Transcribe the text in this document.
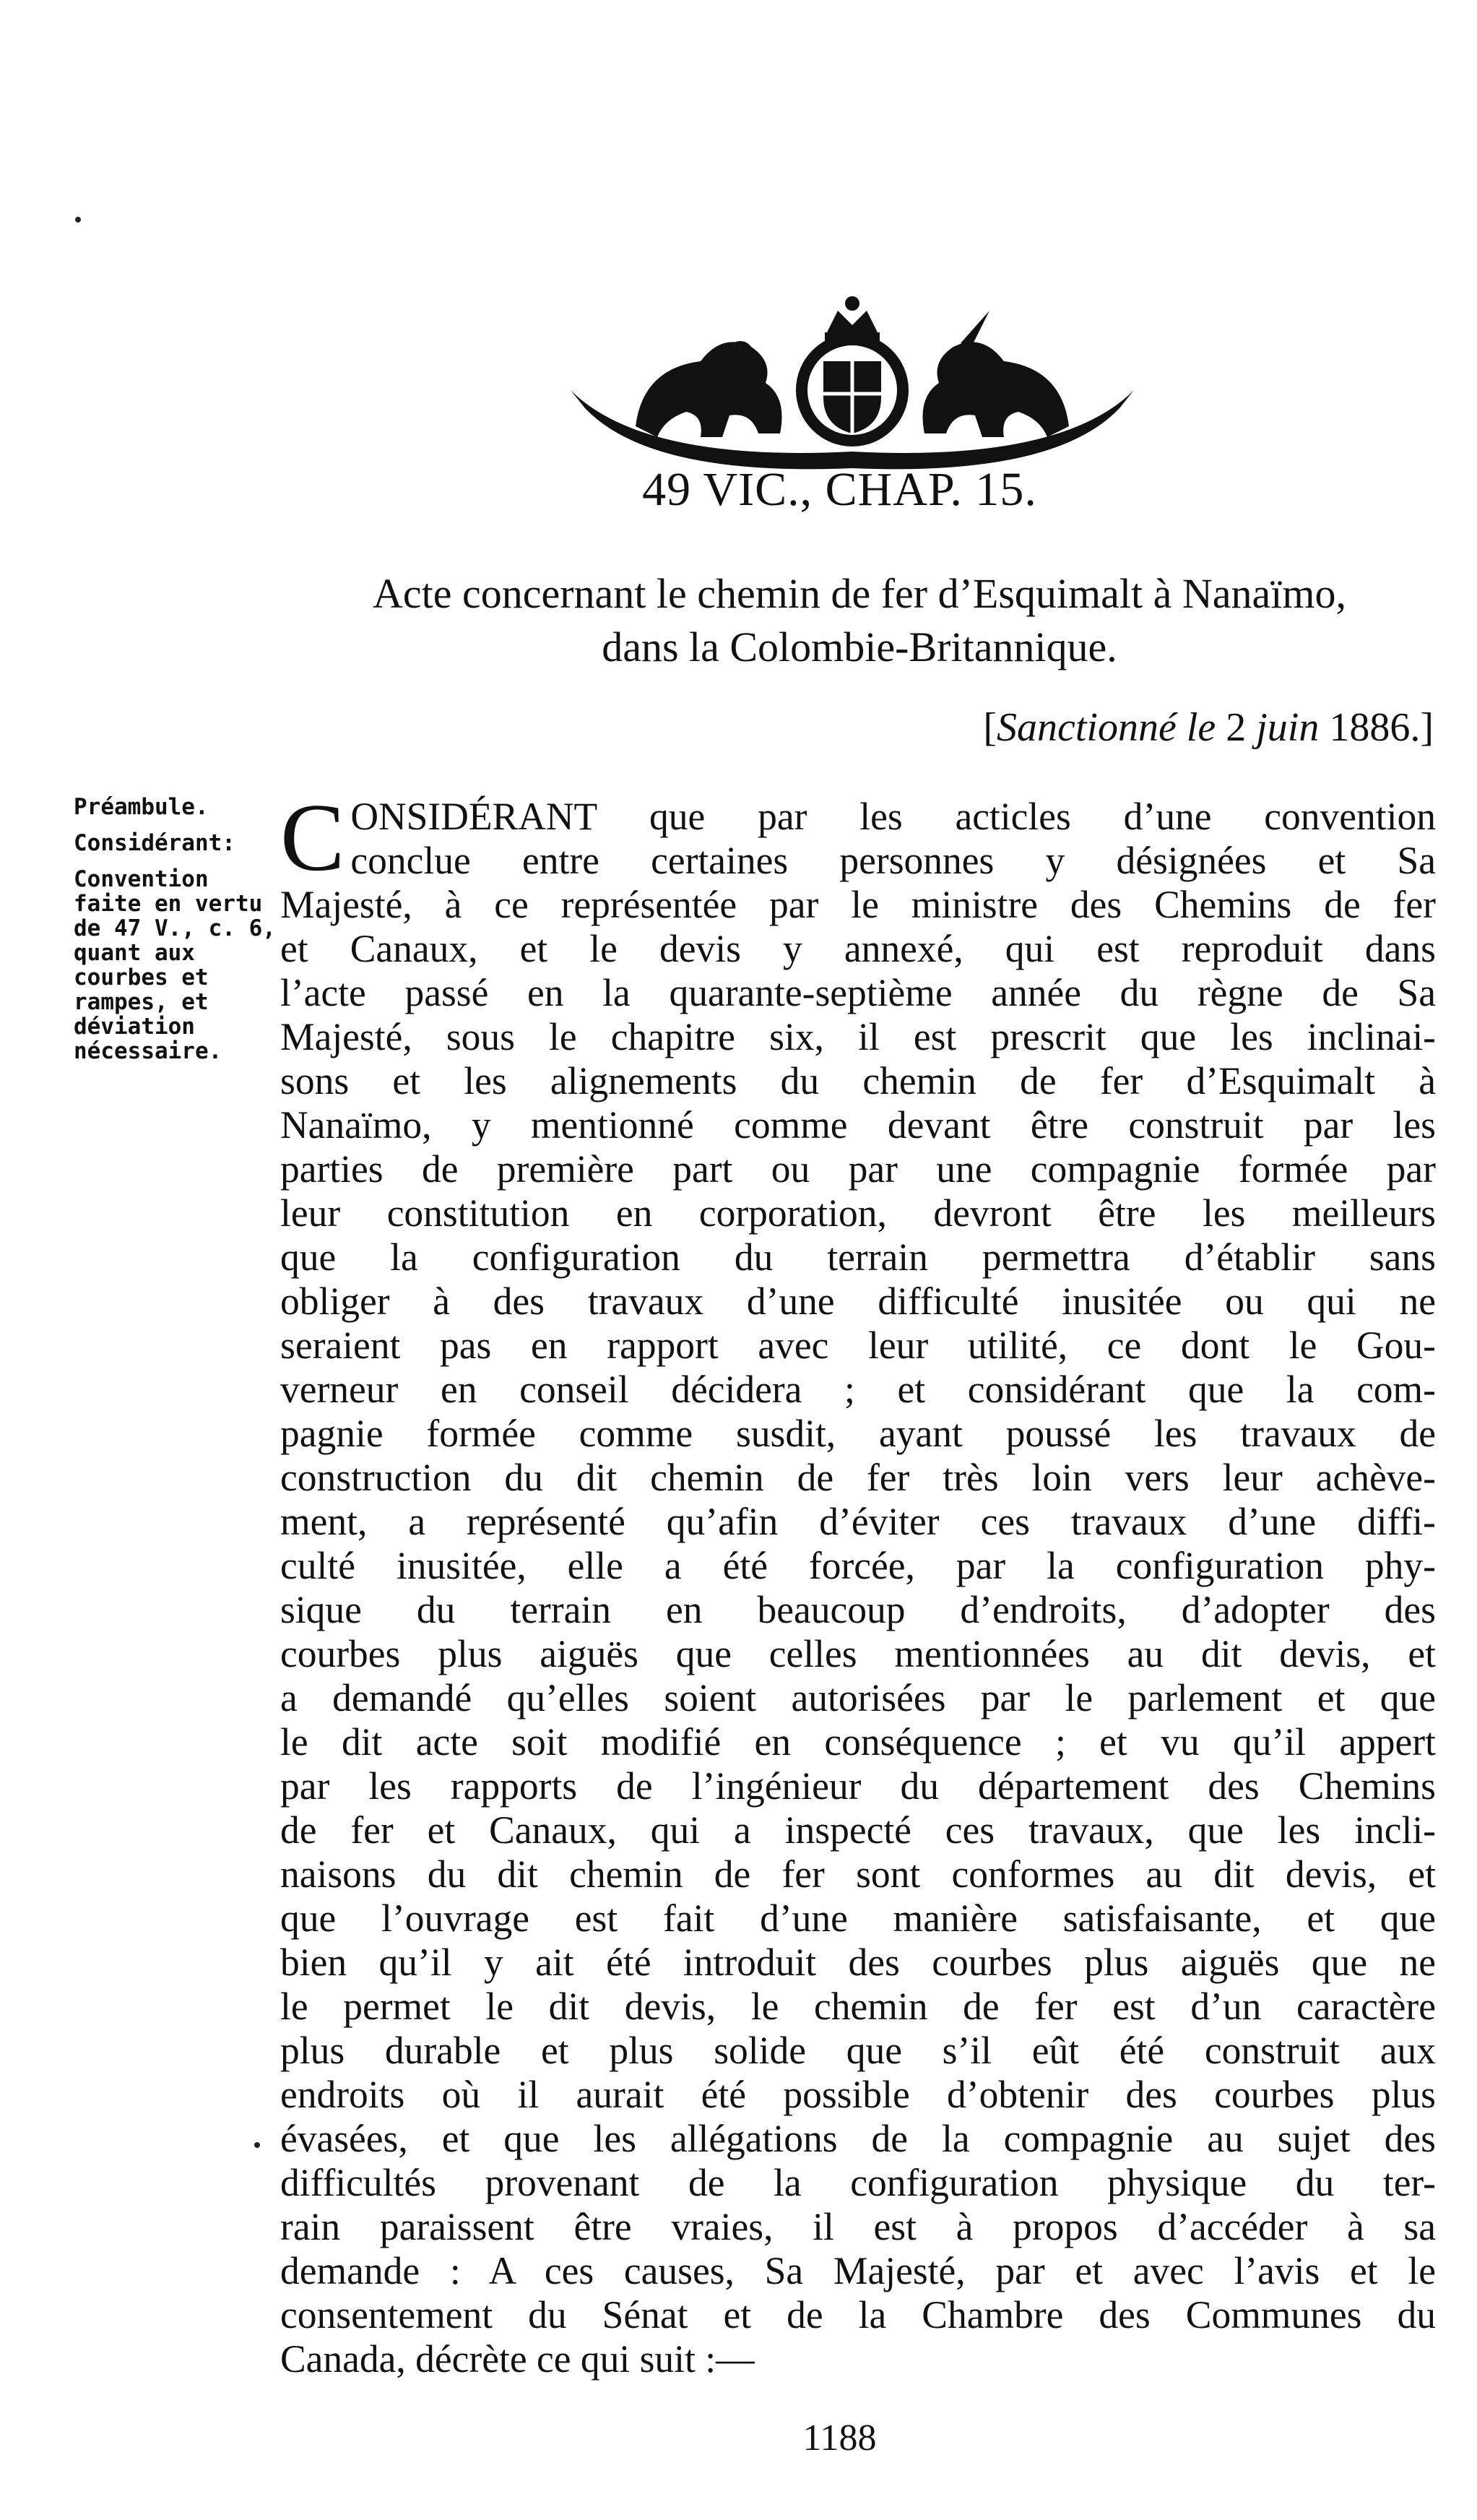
49 VIC., CHAP. 15.
Acte concernant le chemin de fer d’Esquimalt à Nanaïmo,
dans la Colombie-Britannique.
[Sanctionné le 2 juin 1886.]
Préambule.
Considérant:
Convention faite en vertu de 47 V., c. 6, quant aux courbes et rampes, et déviation nécessaire.
C ONSIDÉRANT que par les acticles d’une convention
conclue entre certaines personnes y désignées et Sa
Majesté, à ce représentée par le ministre des Chemins de fer
et Canaux, et le devis y annexé, qui est reproduit dans
l’acte passé en la quarante-septième année du règne de Sa
Majesté, sous le chapitre six, il est prescrit que les inclinai-
sons et les alignements du chemin de fer d’Esquimalt à
Nanaïmo, y mentionné comme devant être construit par les
parties de première part ou par une compagnie formée par
leur constitution en corporation, devront être les meilleurs
que la configuration du terrain permettra d’établir sans
obliger à des travaux d’une difficulté inusitée ou qui ne
seraient pas en rapport avec leur utilité, ce dont le Gou-
verneur en conseil décidera ; et considérant que la com-
pagnie formée comme susdit, ayant poussé les travaux de
construction du dit chemin de fer très loin vers leur achève-
ment, a représenté qu’afin d’éviter ces travaux d’une diffi-
culté inusitée, elle a été forcée, par la configuration phy-
sique du terrain en beaucoup d’endroits, d’adopter des
courbes plus aiguës que celles mentionnées au dit devis, et
a demandé qu’elles soient autorisées par le parlement et que
le dit acte soit modifié en conséquence ; et vu qu’il appert
par les rapports de l’ingénieur du département des Chemins
de fer et Canaux, qui a inspecté ces travaux, que les incli-
naisons du dit chemin de fer sont conformes au dit devis, et
que l’ouvrage est fait d’une manière satisfaisante, et que
bien qu’il y ait été introduit des courbes plus aiguës que ne
le permet le dit devis, le chemin de fer est d’un caractère
plus durable et plus solide que s’il eût été construit aux
endroits où il aurait été possible d’obtenir des courbes plus
évasées, et que les allégations de la compagnie au sujet des
difficultés provenant de la configuration physique du ter-
rain paraissent être vraies, il est à propos d’accéder à sa
demande : A ces causes, Sa Majesté, par et avec l’avis et le
consentement du Sénat et de la Chambre des Communes du
Canada, décrète ce qui suit :—
1188
